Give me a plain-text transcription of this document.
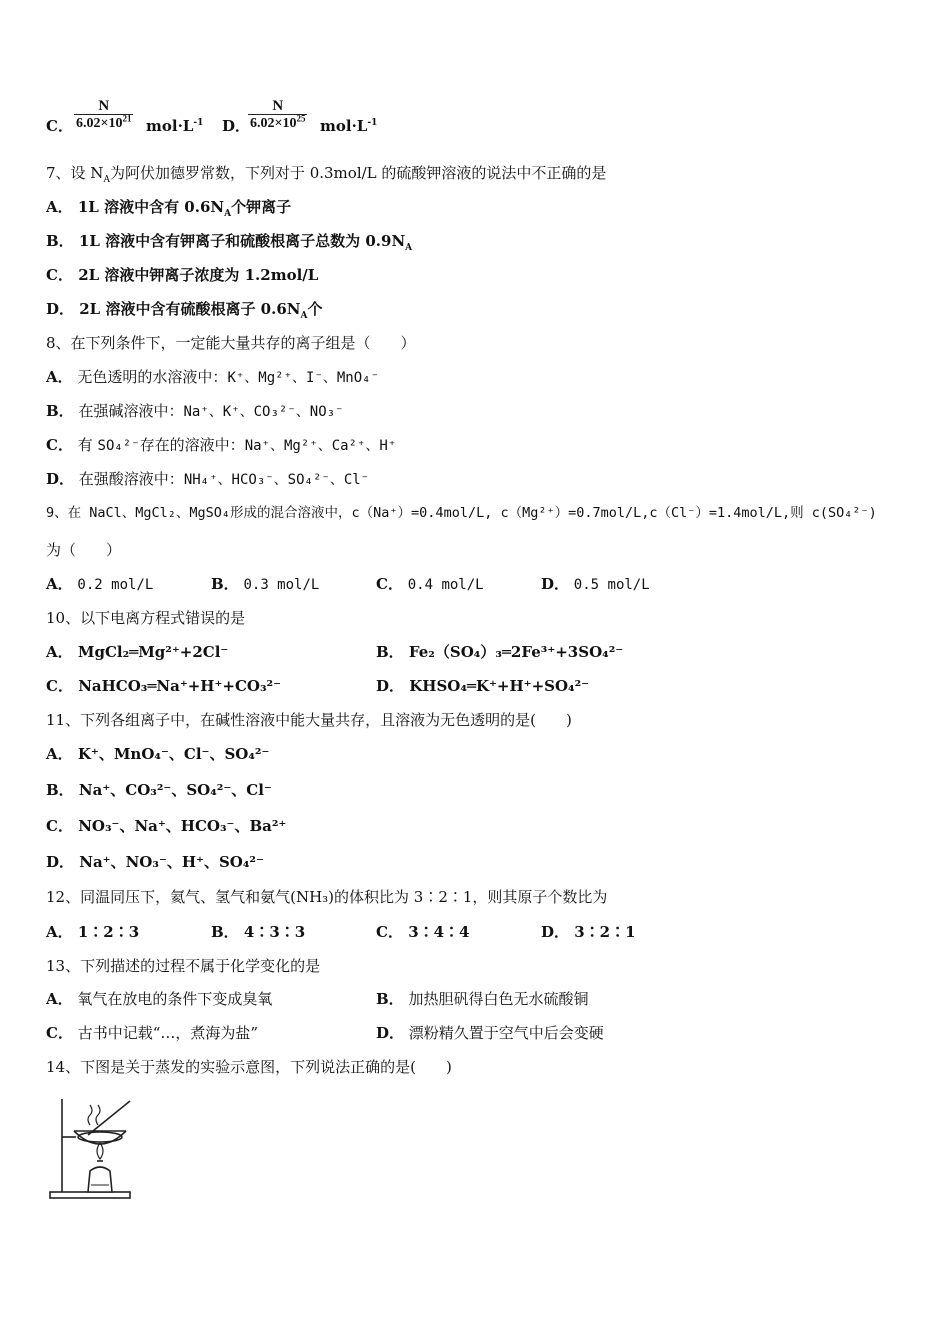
C． $\frac{N}{6.02\times 10^{21}} mol\cdot L^{-1}$ D．
$\frac{N}{6.02\times 10^{25}} mol\cdot L^{-1}$
7、设 $N_A$为阿伏加德罗常数，下列对于 0.3mol/L 的硫酸钾溶液的说法中不正确的是
A． 1L 溶液中含有 $0.6N_A$个钾离子
B． 1L 溶液中含有钾离子和硫酸根离子总数为 $0.9N_A$
C． 2L 溶液中钾离子浓度为 1.2mol/L
D． 2L 溶液中含有硫酸根离子 $0.6N_A$个
8、在下列条件下，一定能大量共存的离子组是（　　）
A． 无色透明的水溶液中：K⁺、Mg²⁺、I⁻、MnO₄⁻
B． 在强碱溶液中：Na⁺、K⁺、CO₃²⁻、NO₃⁻
C． 有 SO₄²⁻存在的溶液中：Na⁺、Mg²⁺、Ca²⁺、H⁺
D． 在强酸溶液中：NH₄⁺、HCO₃⁻、SO₄²⁻、Cl⁻
9、在 NaCl、MgCl₂、MgSO₄形成的混合溶液中，c（Na⁺）=0.4mol/L, c（Mg²⁺）=0.7mol/L,c（Cl⁻）=1.4mol/L,则 c(SO₄²⁻)
为（　　）
A． 0.2 mol/L	B． 0.3 mol/L	C． 0.4 mol/L	D． 0.5 mol/L
10、以下电离方程式错误的是
A． MgCl₂═Mg²⁺+2Cl⁻	B． Fe₂（SO₄）₃═2Fe³⁺+3SO₄²⁻
C． NaHCO₃═Na⁺+H⁺+CO₃²⁻	D． KHSO₄═K⁺+H⁺+SO₄²⁻
11、下列各组离子中，在碱性溶液中能大量共存，且溶液为无色透明的是(　　)
A． K⁺、MnO₄⁻、Cl⁻、SO₄²⁻
B． Na⁺、CO₃²⁻、SO₄²⁻、Cl⁻
C． NO₃⁻、Na⁺、HCO₃⁻、Ba²⁺
D． Na⁺、NO₃⁻、H⁺、SO₄²⁻
12、同温同压下，氦气、氢气和氨气(NH₃)的体积比为 3∶2∶1，则其原子个数比为
A． 1∶2∶3	B． 4∶3∶3	C． 3∶4∶4	D． 3∶2∶1
13、下列描述的过程不属于化学变化的是
A． 氧气在放电的条件下变成臭氧	B． 加热胆矾得白色无水硫酸铜
C． 古书中记载“…，煮海为盐”	D． 漂粉精久置于空气中后会变硬
14、下图是关于蒸发的实验示意图，下列说法正确的是(　　)
